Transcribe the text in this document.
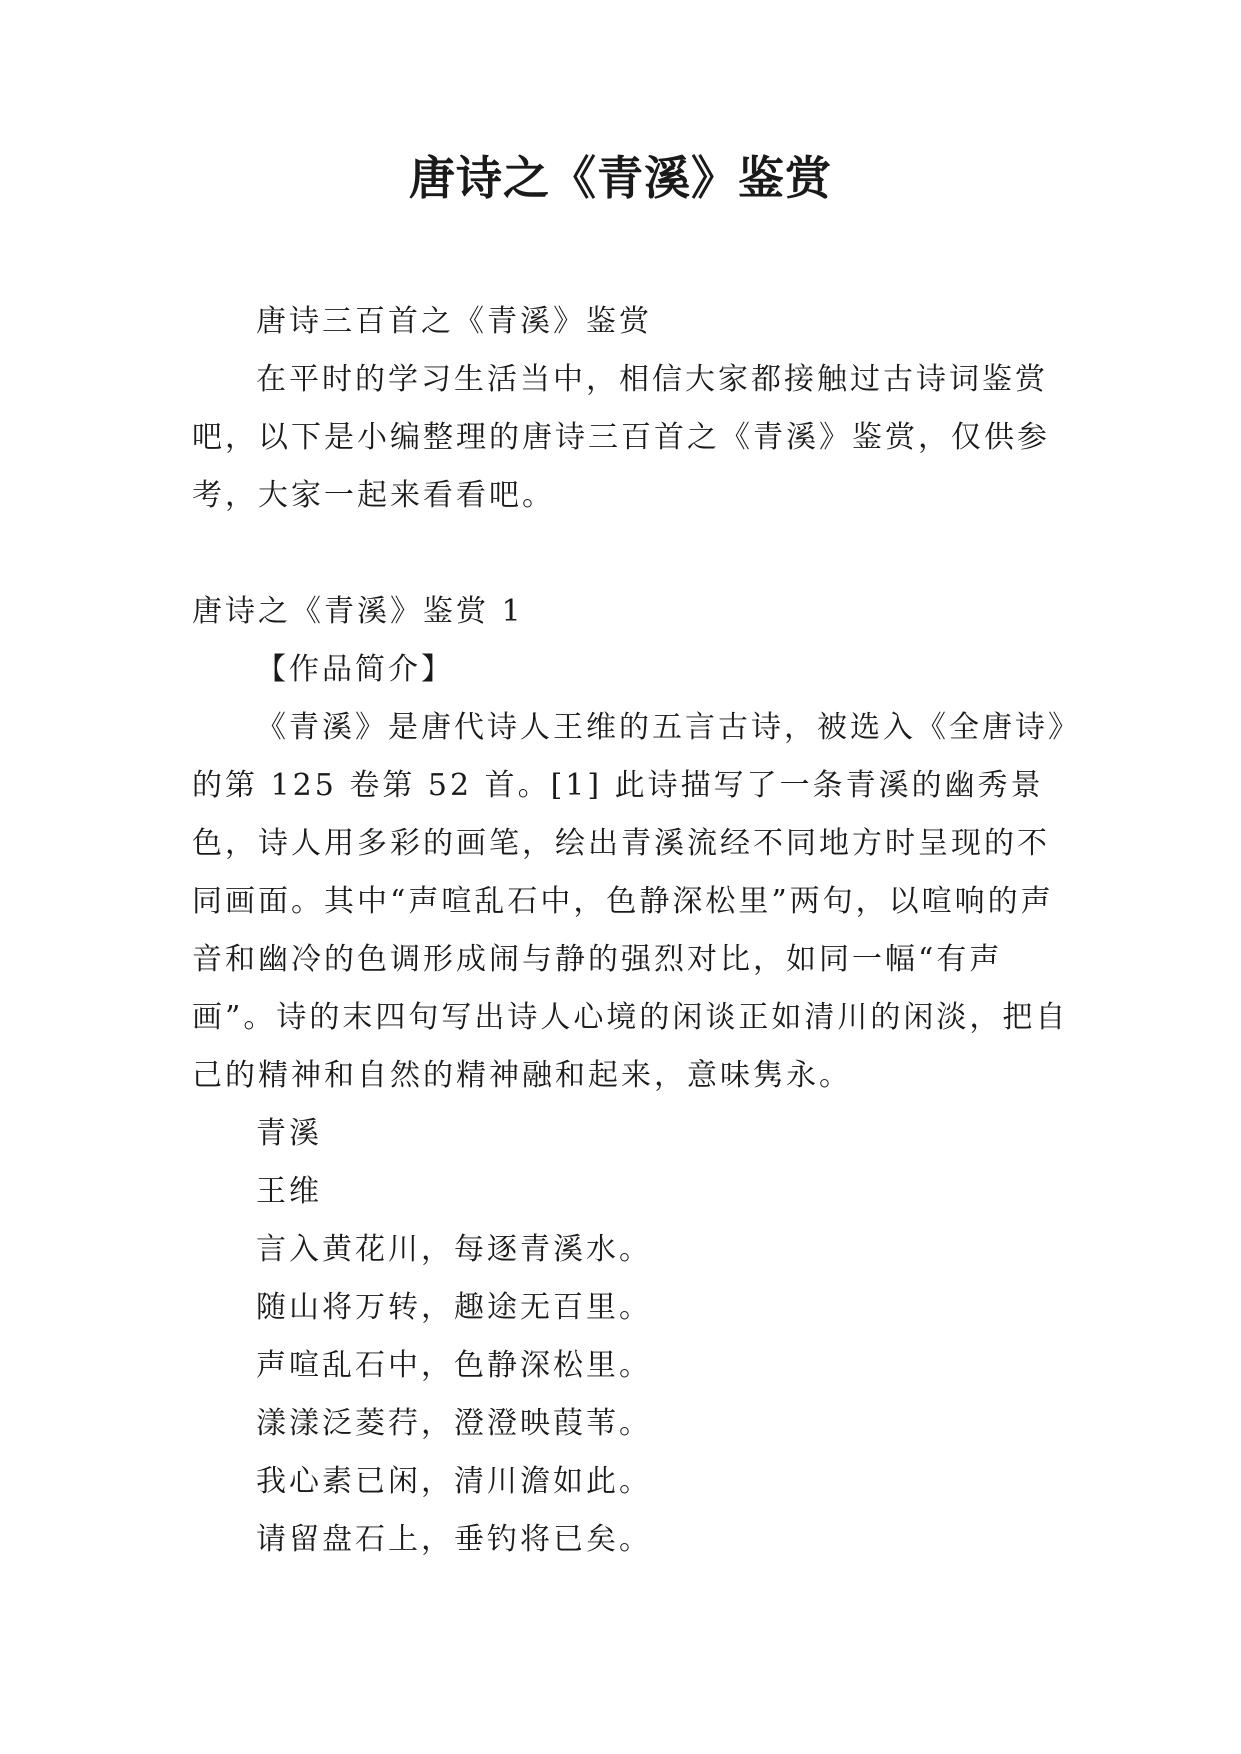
唐诗之《青溪》鉴赏

唐诗三百首之《青溪》鉴赏

在平时的学习生活当中，相信大家都接触过古诗词鉴赏吧，以下是小编整理的唐诗三百首之《青溪》鉴赏，仅供参考，大家一起来看看吧。

唐诗之《青溪》鉴赏 1

【作品简介】

《青溪》是唐代诗人王维的五言古诗，被选入《全唐诗》的第 125 卷第 52 首。[1] 此诗描写了一条青溪的幽秀景色，诗人用多彩的画笔，绘出青溪流经不同地方时呈现的不同画面。其中“声喧乱石中，色静深松里”两句，以喧响的声音和幽冷的色调形成闹与静的强烈对比，如同一幅“有声画”。诗的末四句写出诗人心境的闲谈正如清川的闲淡，把自己的精神和自然的精神融和起来，意味隽永。

青溪

王维

言入黄花川，每逐青溪水。

随山将万转，趣途无百里。

声喧乱石中，色静深松里。

漾漾泛菱荇，澄澄映葭苇。

我心素已闲，清川澹如此。

请留盘石上，垂钓将已矣。
